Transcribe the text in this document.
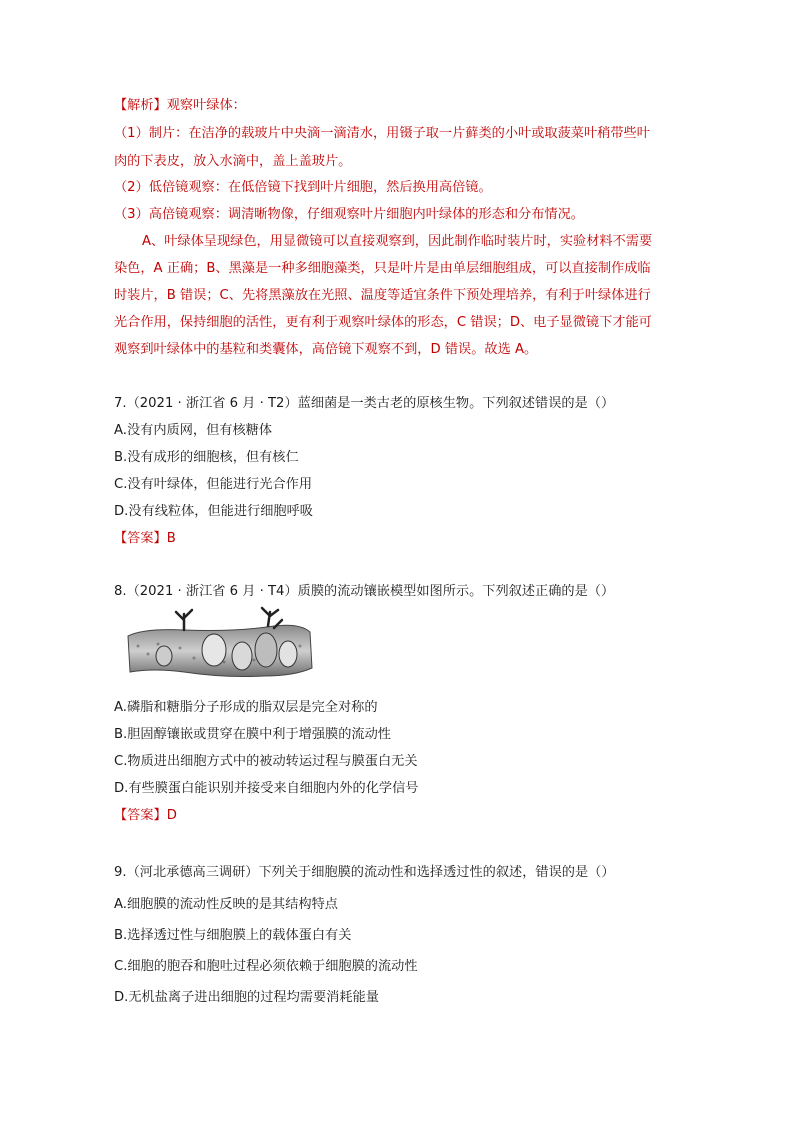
【解析】观察叶绿体：
（1）制片：在洁净的载玻片中央滴一滴清水，用镊子取一片藓类的小叶或取菠菜叶稍带些叶
肉的下表皮，放入水滴中，盖上盖玻片。
（2）低倍镜观察：在低倍镜下找到叶片细胞，然后换用高倍镜。
（3）高倍镜观察：调清晰物像，仔细观察叶片细胞内叶绿体的形态和分布情况。
A、叶绿体呈现绿色，用显微镜可以直接观察到，因此制作临时装片时，实验材料不需要
染色，A 正确；B、黑藻是一种多细胞藻类，只是叶片是由单层细胞组成，可以直接制作成临
时装片，B 错误；C、先将黑藻放在光照、温度等适宜条件下预处理培养，有利于叶绿体进行
光合作用，保持细胞的活性，更有利于观察叶绿体的形态，C 错误；D、电子显微镜下才能可
观察到叶绿体中的基粒和类囊体，高倍镜下观察不到，D 错误。故选 A。
7.（2021 · 浙江省 6 月 · T2）蓝细菌是一类古老的原核生物。下列叙述错误的是（）
A.没有内质网，但有核糖体
B.没有成形的细胞核，但有核仁
C.没有叶绿体，但能进行光合作用
D.没有线粒体，但能进行细胞呼吸
【答案】B
8.（2021 · 浙江省 6 月 · T4）质膜的流动镶嵌模型如图所示。下列叙述正确的是（）
A.磷脂和糖脂分子形成的脂双层是完全对称的
B.胆固醇镶嵌或贯穿在膜中利于增强膜的流动性
C.物质进出细胞方式中的被动转运过程与膜蛋白无关
D.有些膜蛋白能识别并接受来自细胞内外的化学信号
【答案】D
9.（河北承德高三调研）下列关于细胞膜的流动性和选择透过性的叙述，错误的是（）
A.细胞膜的流动性反映的是其结构特点
B.选择透过性与细胞膜上的载体蛋白有关
C.细胞的胞吞和胞吐过程必须依赖于细胞膜的流动性
D.无机盐离子进出细胞的过程均需要消耗能量
